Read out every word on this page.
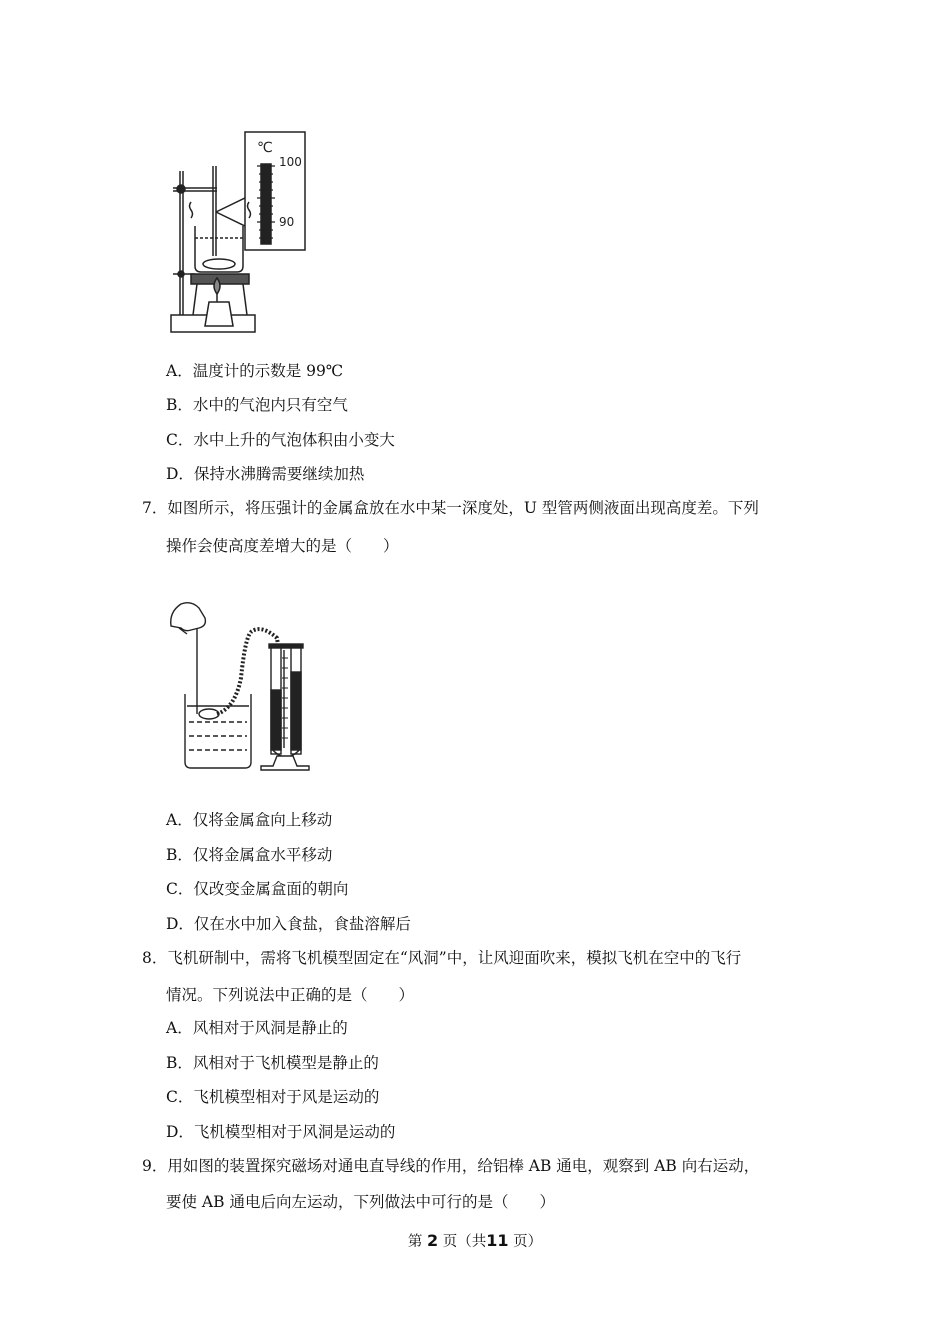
℃
100
90
A．温度计的示数是 99℃
B．水中的气泡内只有空气
C．水中上升的气泡体积由小变大
D．保持水沸腾需要继续加热
7．如图所示，将压强计的金属盒放在水中某一深度处，U 型管两侧液面出现高度差。下列
操作会使高度差增大的是（　　）
A．仅将金属盒向上移动
B．仅将金属盒水平移动
C．仅改变金属盒面的朝向
D．仅在水中加入食盐，食盐溶解后
8．飞机研制中，需将飞机模型固定在“风洞”中，让风迎面吹来，模拟飞机在空中的飞行
情况。下列说法中正确的是（　　）
A．风相对于风洞是静止的
B．风相对于飞机模型是静止的
C．飞机模型相对于风是运动的
D．飞机模型相对于风洞是运动的
9．用如图的装置探究磁场对通电直导线的作用，给铝棒 AB 通电，观察到 AB 向右运动，
要使 AB 通电后向左运动，下列做法中可行的是（　　）
第 2 页（共11 页）
